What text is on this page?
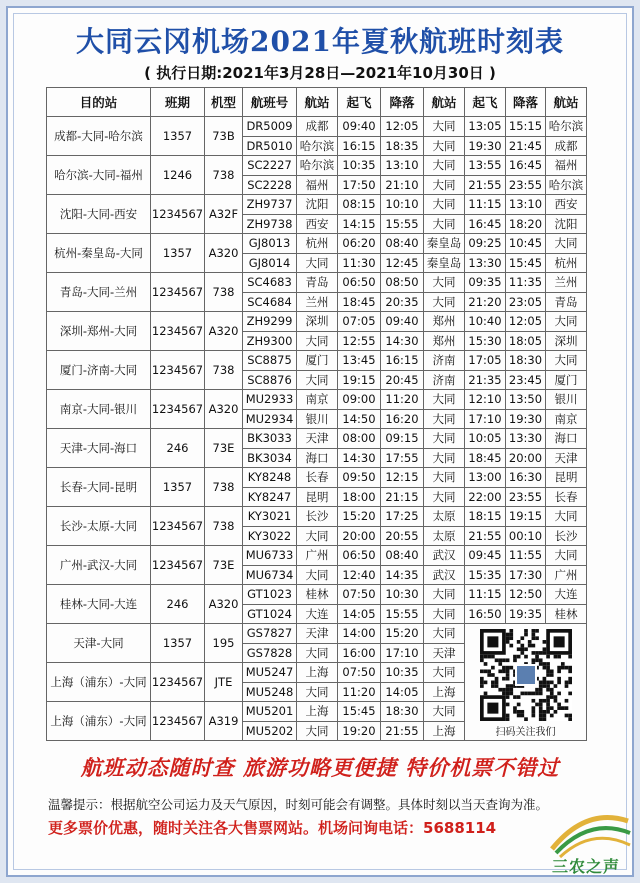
大同云冈机场2021年夏秋航班时刻表
( 执行日期:2021年3月28日—2021年10月30日 )
目的站	班期	机型	航班号	航站	起飞	降落	航站	起飞	降落	航站
成都-大同-哈尔滨	1357	73B	DR5009	成都	09:40	12:05	大同	13:05	15:15	哈尔滨
			DR5010	哈尔滨	16:15	18:35	大同	19:30	21:45	成都
哈尔滨-大同-福州	1246	738	SC2227	哈尔滨	10:35	13:10	大同	13:55	16:45	福州
			SC2228	福州	17:50	21:10	大同	21:55	23:55	哈尔滨
沈阳-大同-西安	1234567	A32F	ZH9737	沈阳	08:15	10:10	大同	11:15	13:10	西安
			ZH9738	西安	14:15	15:55	大同	16:45	18:20	沈阳
杭州-秦皇岛-大同	1357	A320	GJ8013	杭州	06:20	08:40	秦皇岛	09:25	10:45	大同
			GJ8014	大同	11:30	12:45	秦皇岛	13:30	15:45	杭州
青岛-大同-兰州	1234567	738	SC4683	青岛	06:50	08:50	大同	09:35	11:35	兰州
			SC4684	兰州	18:45	20:35	大同	21:20	23:05	青岛
深圳-郑州-大同	1234567	A320	ZH9299	深圳	07:05	09:40	郑州	10:40	12:05	大同
			ZH9300	大同	12:55	14:30	郑州	15:30	18:05	深圳
厦门-济南-大同	1234567	738	SC8875	厦门	13:45	16:15	济南	17:05	18:30	大同
			SC8876	大同	19:15	20:45	济南	21:35	23:45	厦门
南京-大同-银川	1234567	A320	MU2933	南京	09:00	11:20	大同	12:10	13:50	银川
			MU2934	银川	14:50	16:20	大同	17:10	19:30	南京
天津-大同-海口	246	73E	BK3033	天津	08:00	09:15	大同	10:05	13:30	海口
			BK3034	海口	14:30	17:55	大同	18:45	20:00	天津
长春-大同-昆明	1357	738	KY8248	长春	09:50	12:15	大同	13:00	16:30	昆明
			KY8247	昆明	18:00	21:15	大同	22:00	23:55	长春
长沙-太原-大同	1234567	738	KY3021	长沙	15:20	17:25	太原	18:15	19:15	大同
			KY3022	大同	20:00	20:55	太原	21:55	00:10	长沙
广州-武汉-大同	1234567	73E	MU6733	广州	06:50	08:40	武汉	09:45	11:55	大同
			MU6734	大同	12:40	14:35	武汉	15:35	17:30	广州
桂林-大同-大连	246	A320	GT1023	桂林	07:50	10:30	大同	11:15	12:50	大连
			GT1024	大连	14:05	15:55	大同	16:50	19:35	桂林
天津-大同	1357	195	GS7827	天津	14:00	15:20	大同	扫码关注我们		

			GS7828	大同	16:00	17:10	天津			
上海（浦东）-大同	1234567	JTE	MU5247	上海	07:50	10:35	大同			
			MU5248	大同	11:20	14:05	上海			
上海（浦东）-大同	1234567	A319	MU5201	上海	15:45	18:30	大同			
			MU5202	大同	19:20	21:55	上海			
航班动态随时查 旅游功略更便捷 特价机票不错过
温馨提示：根据航空公司运力及天气原因，时刻可能会有调整。具体时刻以当天查询为准。
更多票价优惠，随时关注各大售票网站。机场问询电话：5688114
三农之声
